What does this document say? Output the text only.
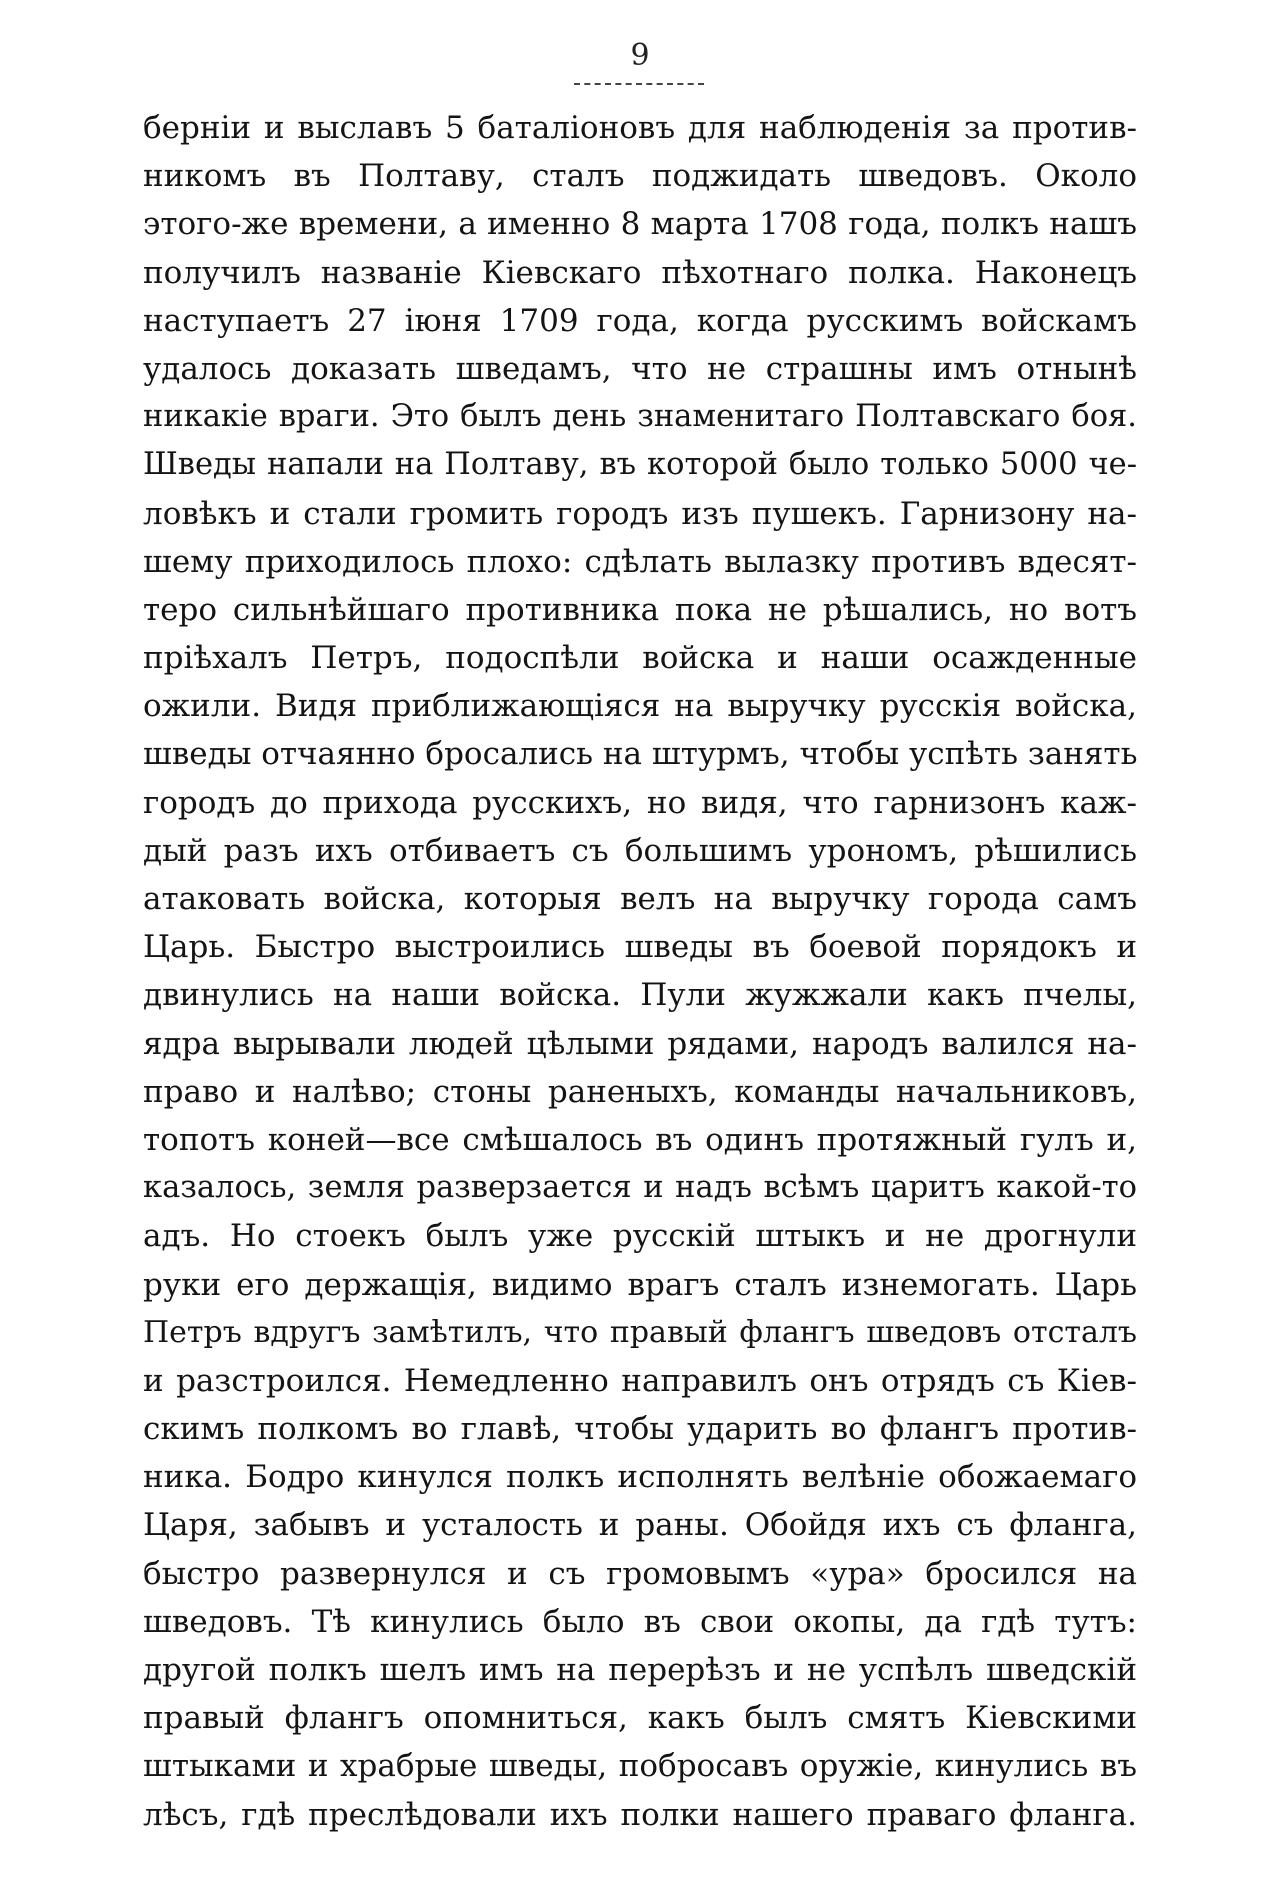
9
берніи и выславъ 5 баталіоновъ для наблюденія за против-
никомъ въ Полтаву, сталъ поджидать шведовъ. Около
этого-же времени, а именно 8 марта 1708 года, полкъ нашъ
получилъ названіе Кіевскаго пѣхотнаго полка. Наконецъ
наступаетъ 27 іюня 1709 года, когда русскимъ войскамъ
удалось доказать шведамъ, что не страшны имъ отнынѣ
никакіе враги. Это былъ день знаменитаго Полтавскаго боя.
Шведы напали на Полтаву, въ которой было только 5000 че-
ловѣкъ и стали громить городъ изъ пушекъ. Гарнизону на-
шему приходилось плохо: сдѣлать вылазку противъ вдесят-
теро сильнѣйшаго противника пока не рѣшались, но вотъ
пріѣхалъ Петръ, подоспѣли войска и наши осажденные
ожили. Видя приближающіяся на выручку русскія войска,
шведы отчаянно бросались на штурмъ, чтобы успѣть занять
городъ до прихода русскихъ, но видя, что гарнизонъ каж-
дый разъ ихъ отбиваетъ съ большимъ урономъ, рѣшились
атаковать войска, которыя велъ на выручку города самъ
Царь. Быстро выстроились шведы въ боевой порядокъ и
двинулись на наши войска. Пули жужжали какъ пчелы,
ядра вырывали людей цѣлыми рядами, народъ валился на-
право и налѣво; стоны раненыхъ, команды начальниковъ,
топотъ коней—все смѣшалось въ одинъ протяжный гулъ и,
казалось, земля разверзается и надъ всѣмъ царитъ какой-то
адъ. Но стоекъ былъ уже русскій штыкъ и не дрогнули
руки его держащія, видимо врагъ сталъ изнемогать. Царь
Петръ вдругъ замѣтилъ, что правый флангъ шведовъ отсталъ
и разстроился. Немедленно направилъ онъ отрядъ съ Кіев-
скимъ полкомъ во главѣ, чтобы ударить во флангъ против-
ника. Бодро кинулся полкъ исполнять велѣніе обожаемаго
Царя, забывъ и усталость и раны. Обойдя ихъ съ фланга,
быстро развернулся и съ громовымъ «ура» бросился на
шведовъ. Тѣ кинулись было въ свои окопы, да гдѣ тутъ:
другой полкъ шелъ имъ на перерѣзъ и не успѣлъ шведскій
правый флангъ опомниться, какъ былъ смятъ Кіевскими
штыками и храбрые шведы, побросавъ оружіе, кинулись въ
лѣсъ, гдѣ преслѣдовали ихъ полки нашего праваго фланга.
